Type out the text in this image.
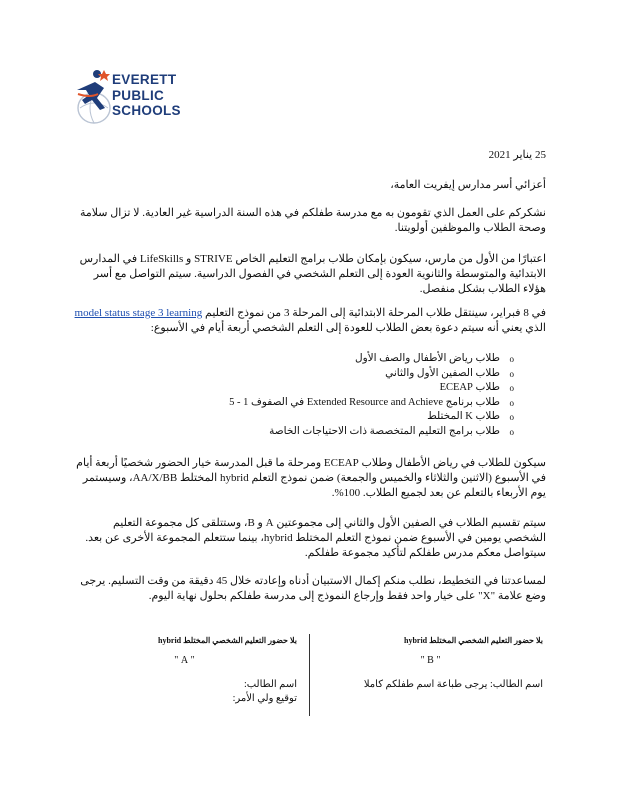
EVERETT
PUBLIC
SCHOOLS
25 يناير 2021
أعزائي أسر مدارس إيفريت العامة،
نشكركم على العمل الذي تقومون به مع مدرسة طفلكم في هذه السنة الدراسية غير العادية. لا تزال سلامة وصحة الطلاب والموظفين أولويتنا.
اعتبارًا من الأول من مارس، سيكون بإمكان طلاب برامج التعليم الخاص STRIVE و LifeSkills في المدارس الابتدائية والمتوسطة والثانوية العودة إلى التعلم الشخصي في الفصول الدراسية. سيتم التواصل مع أسر هؤلاء الطلاب بشكل منفصل.
في 8 فبراير، سينتقل طلاب المرحلة الابتدائية إلى المرحلة 3 من نموذج التعليم model status stage 3 learning الذي يعني أنه سيتم دعوة بعض الطلاب للعودة إلى التعلم الشخصي أربعة أيام في الأسبوع:
o طلاب رياض الأطفال والصف الأول
o طلاب الصفين الأول والثاني
o طلاب ECEAP
o طلاب برنامج Extended Resource and Achieve في الصفوف 1 - 5
o طلاب K المختلط
o طلاب برامج التعليم المتخصصة ذات الاحتياجات الخاصة
سيكون للطلاب في رياض الأطفال وطلاب ECEAP ومرحلة ما قبل المدرسة خيار الحضور شخصيًا أربعة أيام في الأسبوع (الاثنين والثلاثاء والخميس والجمعة) ضمن نموذج التعلم hybrid المختلط AA/X/BB، وسيستمر يوم الأربعاء بالتعلم عن بعد لجميع الطلاب. 100%.
سيتم تقسيم الطلاب في الصفين الأول والثاني إلى مجموعتين A و B، وستتلقى كل مجموعة التعليم الشخصي يومين في الأسبوع ضمن نموذج التعلم المختلط hybrid، بينما ستتعلم المجموعة الأخرى عن بعد. سيتواصل معكم مدرس طفلكم لتأكيد مجموعة طفلكم.
لمساعدتنا في التخطيط، نطلب منكم إكمال الاستبيان أدناه وإعادته خلال 45 دقيقة من وقت التسليم. يرجى وضع علامة "X" على خيار واحد فقط وإرجاع النموذج إلى مدرسة طفلكم بحلول نهاية اليوم.
بلا حضور التعليم الشخصي المختلط hybrid
" B "
اسم الطالب: يرجى طباعة اسم طفلكم كاملا
بلا حضور التعليم الشخصي المختلط hybrid
" A "
اسم الطالب:
توقيع ولي الأمر:
